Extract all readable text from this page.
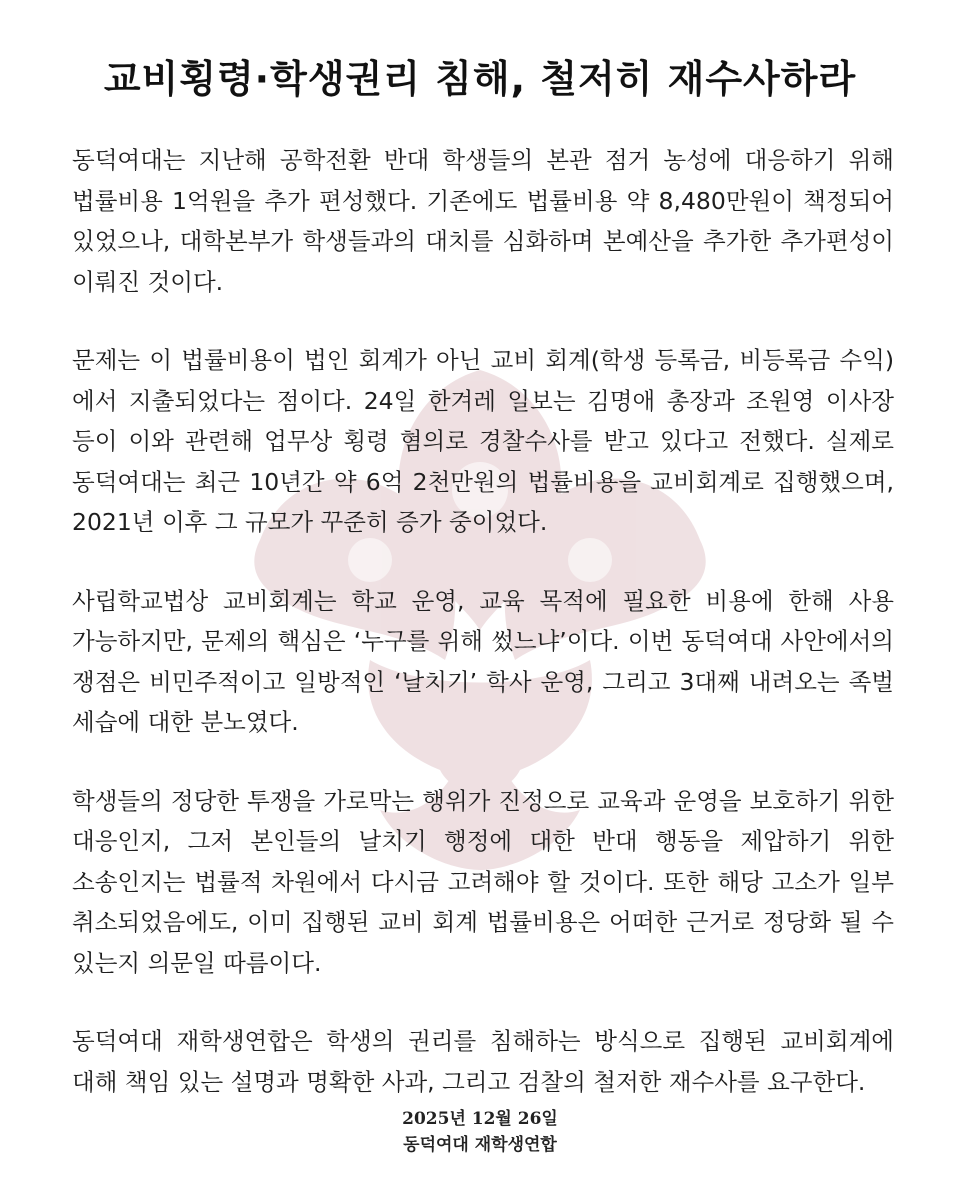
교비횡령·학생권리 침해, 철저히 재수사하라

동덕여대는 지난해 공학전환 반대 학생들의 본관 점거 농성에 대응하기 위해 법률비용 1억원을 추가 편성했다. 기존에도 법률비용 약 8,480만원이 책정되어 있었으나, 대학본부가 학생들과의 대치를 심화하며 본예산을 추가한 추가편성이 이뤄진 것이다.

문제는 이 법률비용이 법인 회계가 아닌 교비 회계(학생 등록금, 비등록금 수익) 에서 지출되었다는 점이다. 24일 한겨레 일보는 김명애 총장과 조원영 이사장 등이 이와 관련해 업무상 횡령 혐의로 경찰수사를 받고 있다고 전했다. 실제로 동덕여대는 최근 10년간 약 6억 2천만원의 법률비용을 교비회계로 집행했으며, 2021년 이후 그 규모가 꾸준히 증가 중이었다.

사립학교법상 교비회계는 학교 운영, 교육 목적에 필요한 비용에 한해 사용 가능하지만, 문제의 핵심은 ‘누구를 위해 썼느냐’이다. 이번 동덕여대 사안에서의 쟁점은 비민주적이고 일방적인 ‘날치기’ 학사 운영, 그리고 3대째 내려오는 족벌 세습에 대한 분노였다.

학생들의 정당한 투쟁을 가로막는 행위가 진정으로 교육과 운영을 보호하기 위한 대응인지, 그저 본인들의 날치기 행정에 대한 반대 행동을 제압하기 위한 소송인지는 법률적 차원에서 다시금 고려해야 할 것이다. 또한 해당 고소가 일부 취소되었음에도, 이미 집행된 교비 회계 법률비용은 어떠한 근거로 정당화 될 수 있는지 의문일 따름이다.

동덕여대 재학생연합은 학생의 권리를 침해하는 방식으로 집행된 교비회계에 대해 책임 있는 설명과 명확한 사과, 그리고 검찰의 철저한 재수사를 요구한다.

2025년 12월 26일
동덕여대 재학생연합
